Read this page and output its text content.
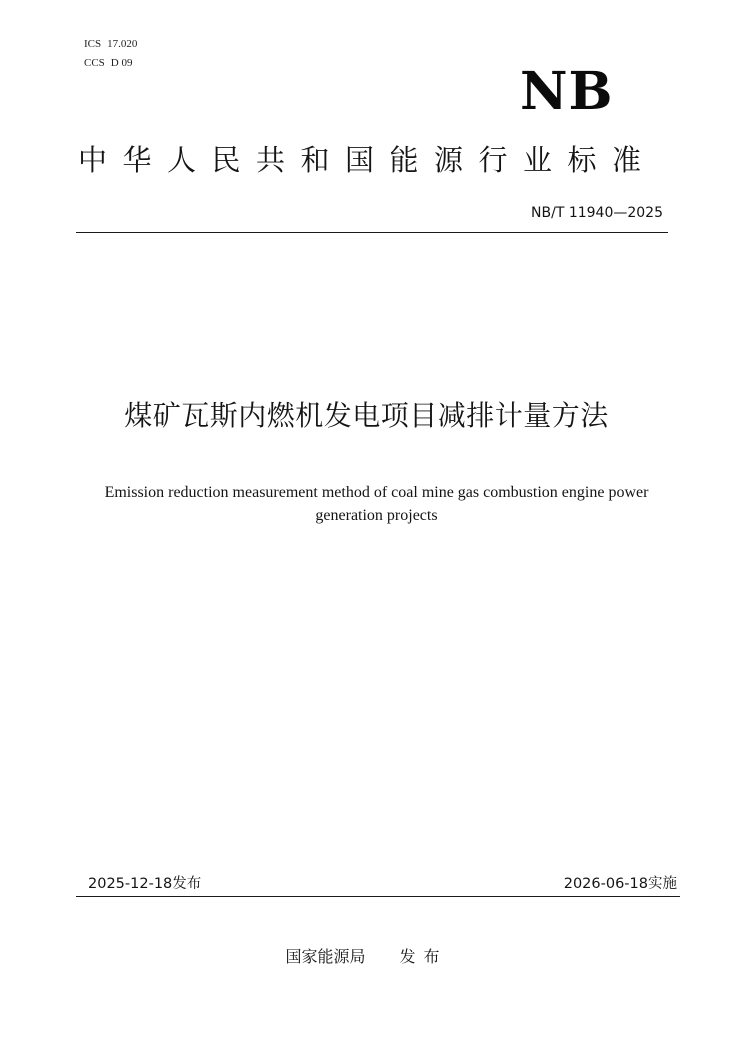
ICS 17.020
CCS D 09	NB
中华人民共和国能源行业标准
NB/T 11940—2025
煤矿瓦斯内燃机发电项目减排计量方法
Emission reduction measurement method of coal mine gas combustion engine power
generation projects
2025-12-18发布	2026-06-18实施
国家能源局 发布
